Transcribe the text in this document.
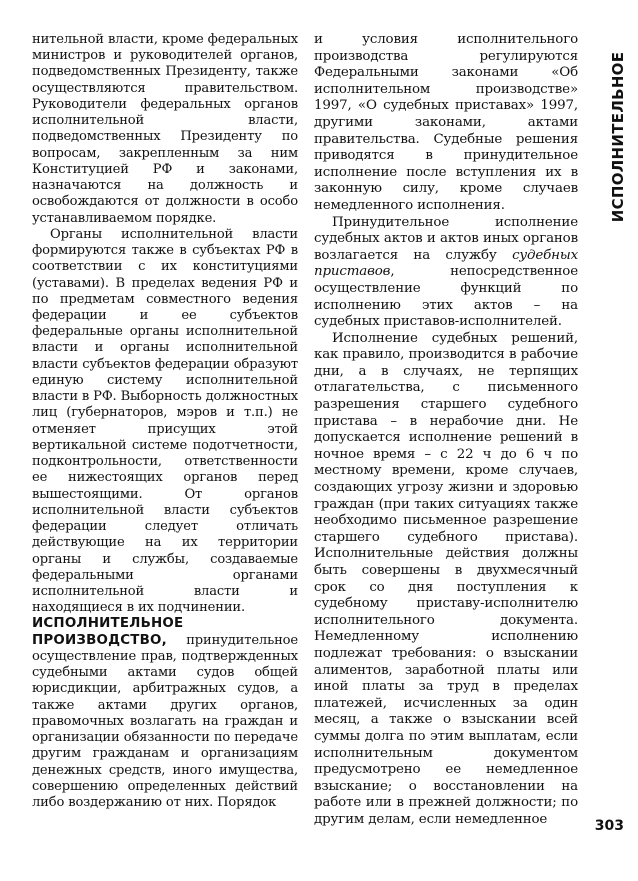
нительной власти, кроме федеральных министров и руководителей органов, подведомственных Президенту, также осуществляются правительством. Руководители федеральных органов исполнительной власти, подведомственных Президенту по вопросам, закрепленным за ним Конституцией РФ и законами, назначаются на должность и освобождаются от должности в особо устанавливаемом порядке.

Органы исполнительной власти формируются также в субъектах РФ в соответствии с их конституциями (уставами). В пределах ведения РФ и по предметам совместного ведения федерации и ее субъектов федеральные органы исполнительной власти и органы исполнительной власти субъектов федерации образуют единую систему исполнительной власти в РФ. Выборность должностных лиц (губернаторов, мэров и т.п.) не отменяет присущих этой вертикальной системе подотчетности, подконтрольности, ответственности ее нижестоящих органов перед вышестоящими. От органов исполнительной власти субъектов федерации следует отличать действующие на их территории органы и службы, создаваемые федеральными органами исполнительной власти и находящиеся в их подчинении.

ИСПОЛНИТЕЛЬНОЕ ПРОИЗВОДСТВО, принудительное осуществление прав, подтвержденных судебными актами судов общей юрисдикции, арбитражных судов, а также актами других органов, правомочных возлагать на граждан и организации обязанности по передаче другим гражданам и организациям денежных средств, иного имущества, совершению определенных действий либо воздержанию от них. Порядок

и условия исполнительного производства регулируются Федеральными законами «Об исполнительном производстве» 1997, «О судебных приставах» 1997, другими законами, актами правительства. Судебные решения приводятся в принудительное исполнение после вступления их в законную силу, кроме случаев немедленного исполнения.

Принудительное исполнение судебных актов и актов иных органов возлагается на службу судебных приставов, непосредственное осуществление функций по исполнению этих актов – на судебных приставов-исполнителей.

Исполнение судебных решений, как правило, производится в рабочие дни, а в случаях, не терпящих отлагательства, с письменного разрешения старшего судебного пристава – в нерабочие дни. Не допускается исполнение решений в ночное время – с 22 ч до 6 ч по местному времени, кроме случаев, создающих угрозу жизни и здоровью граждан (при таких ситуациях также необходимо письменное разрешение старшего судебного пристава). Исполнительные действия должны быть совершены в двухмесячный срок со дня поступления к судебному приставу-исполнителю исполнительного документа. Немедленному исполнению подлежат требования: о взыскании алиментов, заработной платы или иной платы за труд в пределах платежей, исчисленных за один месяц, а также о взыскании всей суммы долга по этим выплатам, если исполнительным документом предусмотрено ее немедленное взыскание; о восстановлении на работе или в прежней должности; по другим делам, если немедленное

ИСПОЛНИТЕЛЬНОЕ
303
